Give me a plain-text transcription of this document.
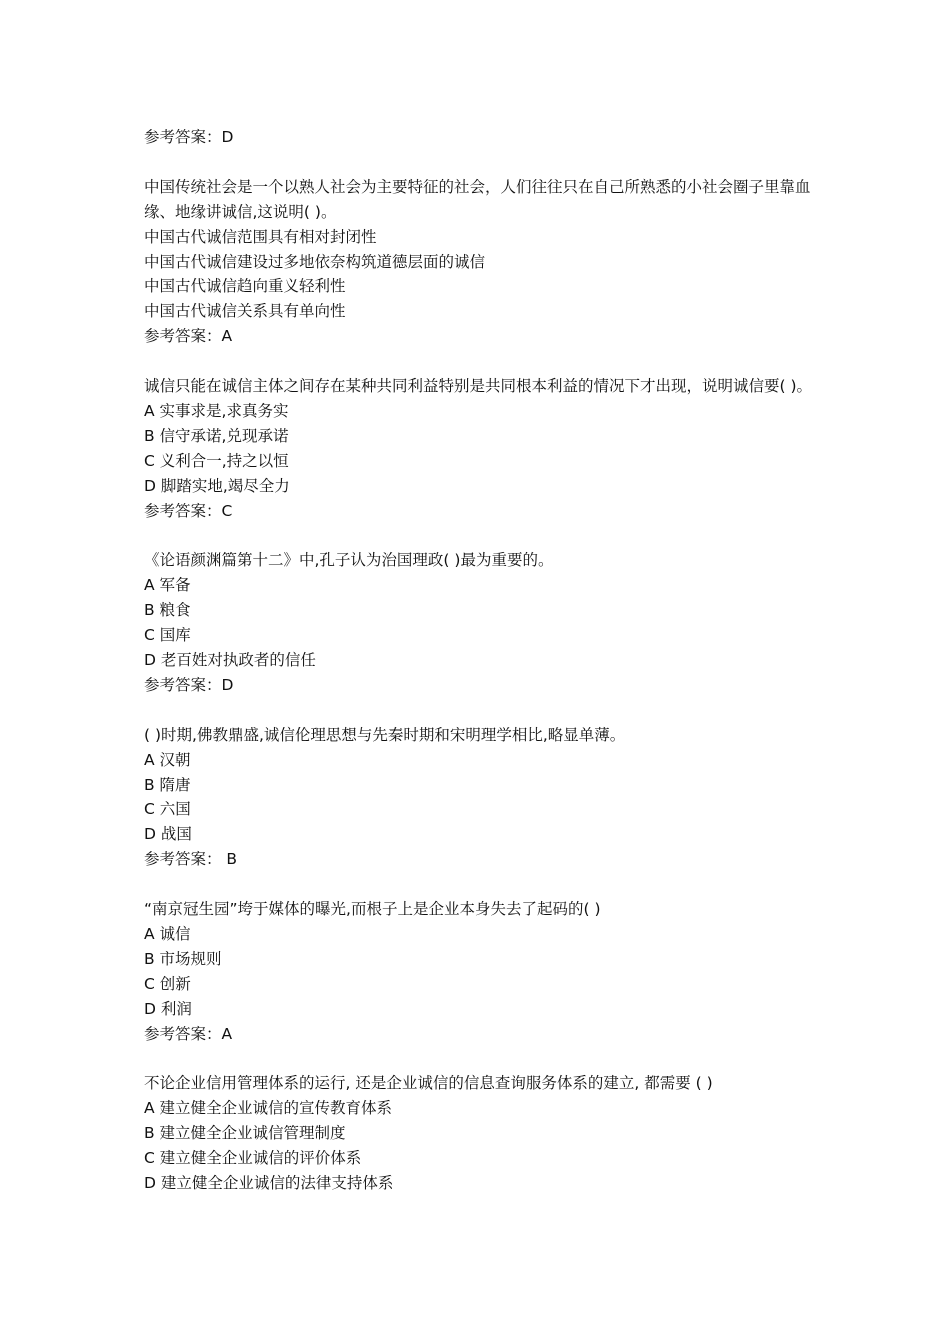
参考答案：D
中国传统社会是一个以熟人社会为主要特征的社会，人们往往只在自己所熟悉的小社会圈子里靠血缘、地缘讲诚信,这说明( )。
中国古代诚信范围具有相对封闭性
中国古代诚信建设过多地依奈构筑道德层面的诚信
中国古代诚信趋向重义轻利性
中国古代诚信关系具有单向性
参考答案：A
诚信只能在诚信主体之间存在某种共同利益特别是共同根本利益的情况下才出现，说明诚信要( )。
A 实事求是,求真务实
B 信守承诺,兑现承诺
C 义利合一,持之以恒
D 脚踏实地,竭尽全力
参考答案：C
《论语颜渊篇第十二》中,孔子认为治国理政( )最为重要的。
A 军备
B 粮食
C 国库
D 老百姓对执政者的信任
参考答案：D
( )时期,佛教鼎盛,诚信伦理思想与先秦时期和宋明理学相比,略显单薄。
A 汉朝
B 隋唐
C 六国
D 战国
参考答案： B
“南京冠生园”垮于媒体的曝光,而根子上是企业本身失去了起码的( )
A 诚信
B 市场规则
C 创新
D 利润
参考答案：A
不论企业信用管理体系的运行, 还是企业诚信的信息查询服务体系的建立, 都需要 ( )
A 建立健全企业诚信的宣传教育体系
B 建立健全企业诚信管理制度
C 建立健全企业诚信的评价体系
D 建立健全企业诚信的法律支持体系
